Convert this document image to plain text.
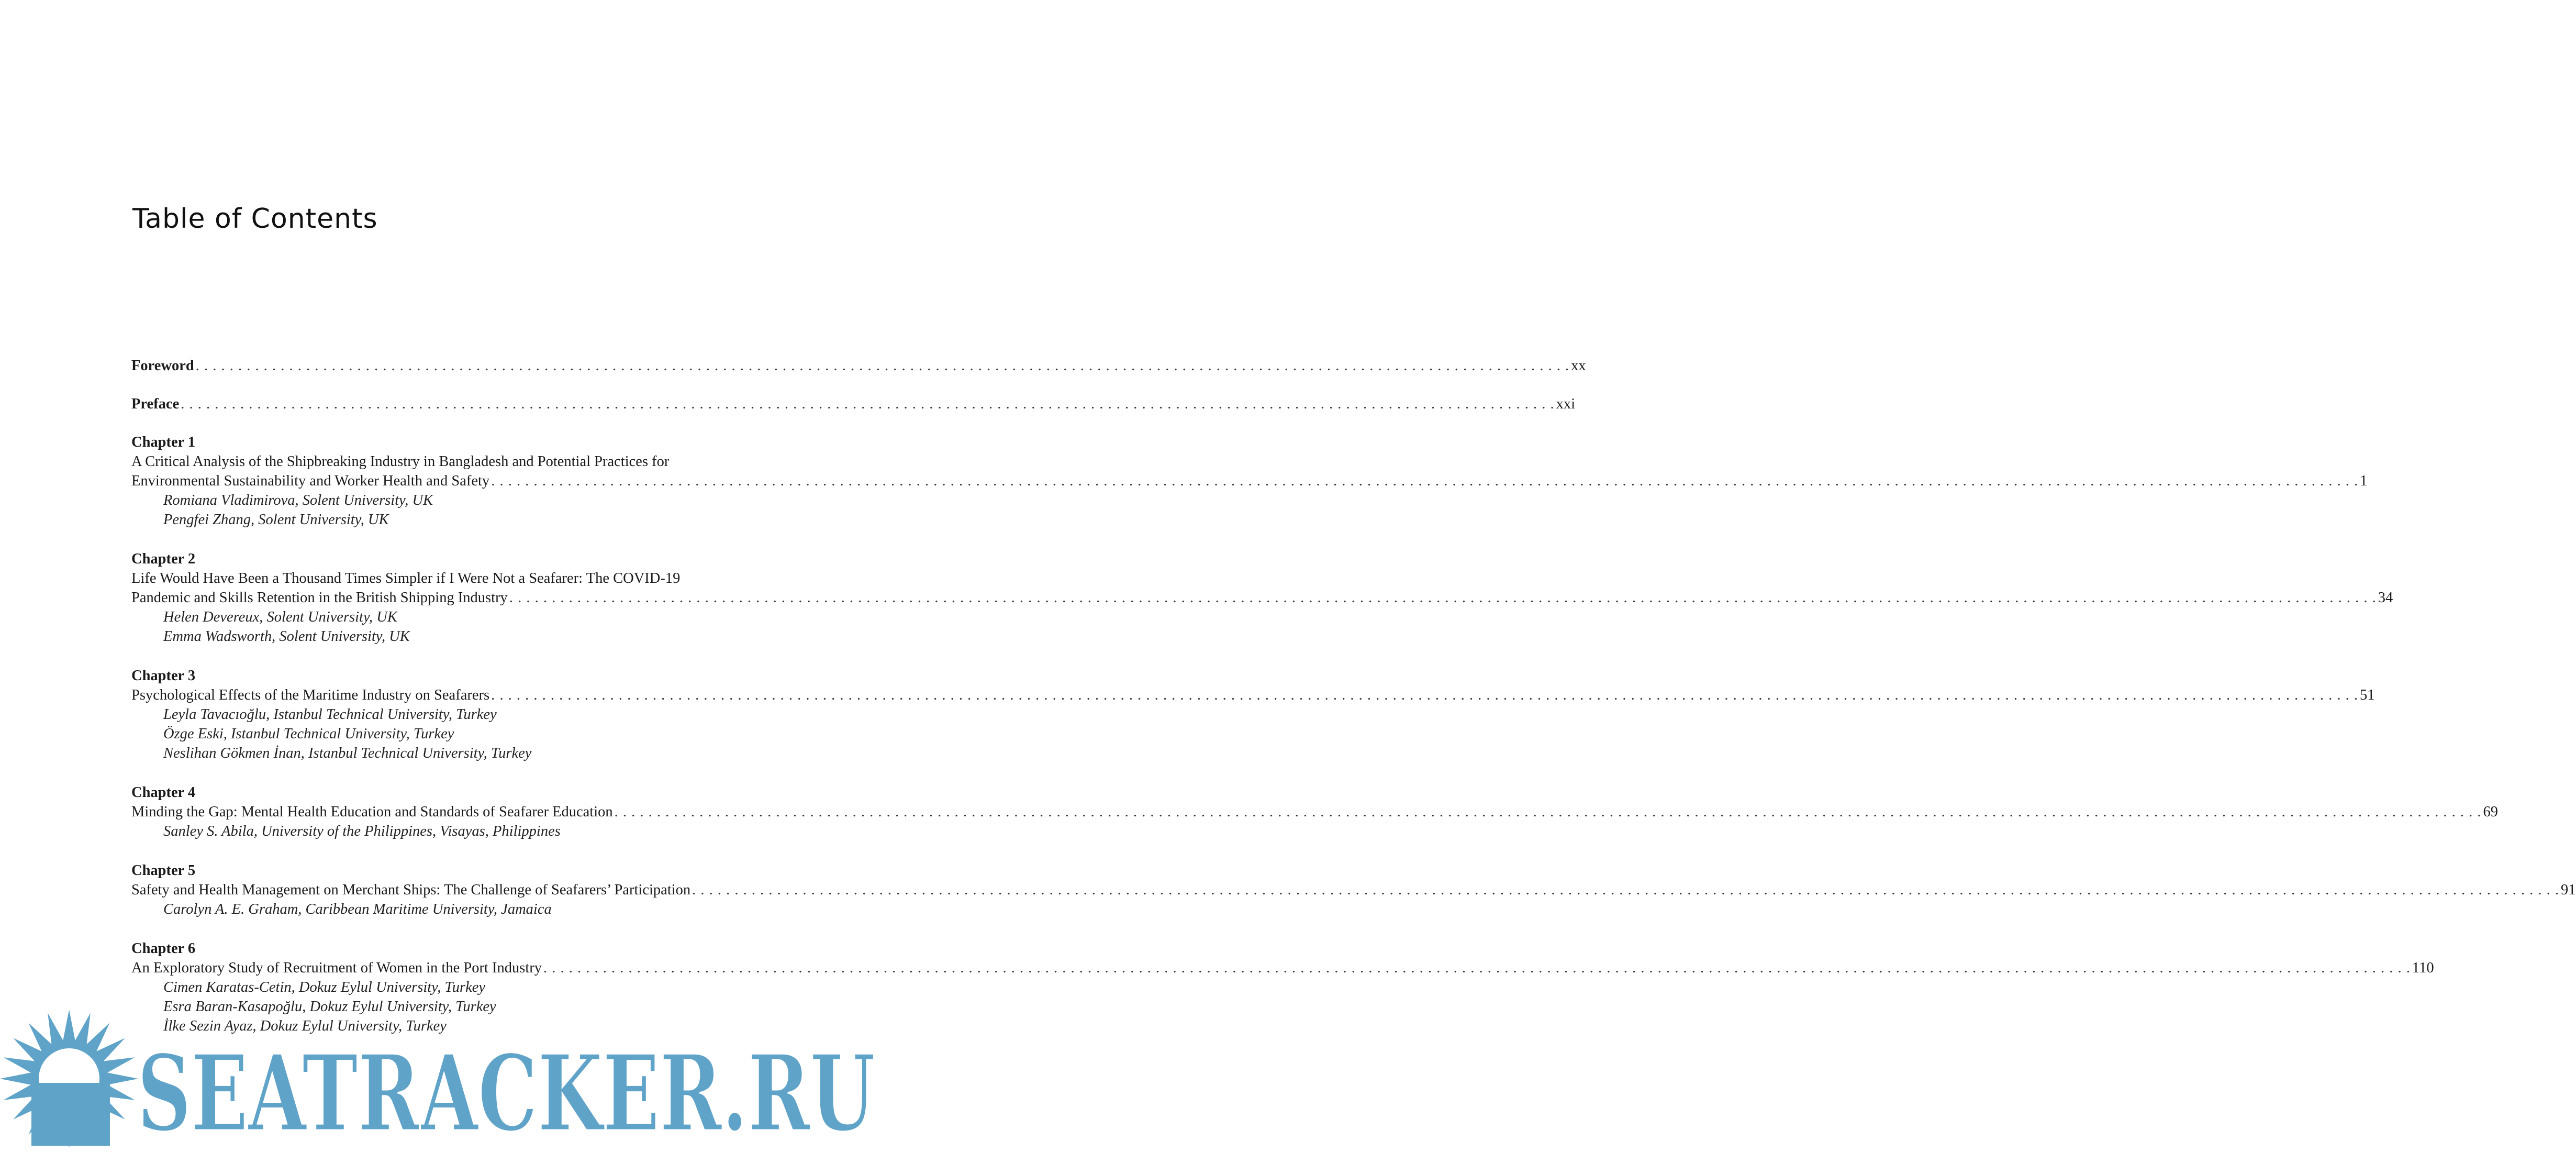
Table of Contents
Foreword . . . . . . . . . . . . . . . . . . . . . . . . . . . . . . . . . . . . . . . . . . . . . . . . . . . . . . . . . . . . . . . . . . . . . . . . . . . . . . . . . . . . . . . . . . . . . . . . . . . . . . . . . . . . . . . . . . . . . . . . . . . . . . . . . . . . . . . . . . . . . . . . . . . . . . . . . . . . . . . . . . xx
Preface . . . . . . . . . . . . . . . . . . . . . . . . . . . . . . . . . . . . . . . . . . . . . . . . . . . . . . . . . . . . . . . . . . . . . . . . . . . . . . . . . . . . . . . . . . . . . . . . . . . . . . . . . . . . . . . . . . . . . . . . . . . . . . . . . . . . . . . . . . . . . . . . . . . . . . . . . . . . . . . . . . xxi
Chapter 1
A Critical Analysis of the Shipbreaking Industry in Bangladesh and Potential Practices for
Environmental Sustainability and Worker Health and Safety . . . . . . . . . . . . . . . . . . . . . . . . . . . . . . . . . . . . . . . . . . . . . . . . . . . . . . . . . . . . . . . . . . . . . . . . . . . . . . . . . . . . . . . . . . . . . . . . . . . . . . . . . . . . . . . . . . . . . . . . . . . . . . . . . . . . . . . . . . . . . . . . . . . . . . . . . . . . . . . . . . . . . . . . . . . . . . . . . . . . . . . . . . . . . . . . . . . . . . . . . . . . . . . . . . . . . . . . . . . . 1
Romiana Vladimirova, Solent University, UK
Pengfei Zhang, Solent University, UK
Chapter 2
Life Would Have Been a Thousand Times Simpler if I Were Not a Seafarer: The COVID-19
Pandemic and Skills Retention in the British Shipping Industry . . . . . . . . . . . . . . . . . . . . . . . . . . . . . . . . . . . . . . . . . . . . . . . . . . . . . . . . . . . . . . . . . . . . . . . . . . . . . . . . . . . . . . . . . . . . . . . . . . . . . . . . . . . . . . . . . . . . . . . . . . . . . . . . . . . . . . . . . . . . . . . . . . . . . . . . . . . . . . . . . . . . . . . . . . . . . . . . . . . . . . . . . . . . . . . . . . . . . . . . . . . . . . . . . . . . . . . . . . . . 34
Helen Devereux, Solent University, UK
Emma Wadsworth, Solent University, UK
Chapter 3
Psychological Effects of the Maritime Industry on Seafarers . . . . . . . . . . . . . . . . . . . . . . . . . . . . . . . . . . . . . . . . . . . . . . . . . . . . . . . . . . . . . . . . . . . . . . . . . . . . . . . . . . . . . . . . . . . . . . . . . . . . . . . . . . . . . . . . . . . . . . . . . . . . . . . . . . . . . . . . . . . . . . . . . . . . . . . . . . . . . . . . . . . . . . . . . . . . . . . . . . . . . . . . . . . . . . . . . . . . . . . . . . . . . . . . . . . . . . . . . . . . 51
Leyla Tavacıoğlu, Istanbul Technical University, Turkey
Özge Eski, Istanbul Technical University, Turkey
Neslihan Gökmen İnan, Istanbul Technical University, Turkey
Chapter 4
Minding the Gap: Mental Health Education and Standards of Seafarer Education . . . . . . . . . . . . . . . . . . . . . . . . . . . . . . . . . . . . . . . . . . . . . . . . . . . . . . . . . . . . . . . . . . . . . . . . . . . . . . . . . . . . . . . . . . . . . . . . . . . . . . . . . . . . . . . . . . . . . . . . . . . . . . . . . . . . . . . . . . . . . . . . . . . . . . . . . . . . . . . . . . . . . . . . . . . . . . . . . . . . . . . . . . . . . . . . . . . . . . . . . . . . . . . . . . . . . . . . . . . . 69
Sanley S. Abila, University of the Philippines, Visayas, Philippines
Chapter 5
Safety and Health Management on Merchant Ships: The Challenge of Seafarers’ Participation . . . . . . . . . . . . . . . . . . . . . . . . . . . . . . . . . . . . . . . . . . . . . . . . . . . . . . . . . . . . . . . . . . . . . . . . . . . . . . . . . . . . . . . . . . . . . . . . . . . . . . . . . . . . . . . . . . . . . . . . . . . . . . . . . . . . . . . . . . . . . . . . . . . . . . . . . . . . . . . . . . . . . . . . . . . . . . . . . . . . . . . . . . . . . . . . . . . . . . . . . . . . . . . . . . . . . . . . . . . . 91
Carolyn A. E. Graham, Caribbean Maritime University, Jamaica
Chapter 6
An Exploratory Study of Recruitment of Women in the Port Industry . . . . . . . . . . . . . . . . . . . . . . . . . . . . . . . . . . . . . . . . . . . . . . . . . . . . . . . . . . . . . . . . . . . . . . . . . . . . . . . . . . . . . . . . . . . . . . . . . . . . . . . . . . . . . . . . . . . . . . . . . . . . . . . . . . . . . . . . . . . . . . . . . . . . . . . . . . . . . . . . . . . . . . . . . . . . . . . . . . . . . . . . . . . . . . . . . . . . . . . . . . . . . . . . . . . . . . . . . . . . 110
Cimen Karatas-Cetin, Dokuz Eylul University, Turkey
Esra Baran-Kasapoğlu, Dokuz Eylul University, Turkey
İlke Sezin Ayaz, Dokuz Eylul University, Turkey
SEATRACKER.RU
